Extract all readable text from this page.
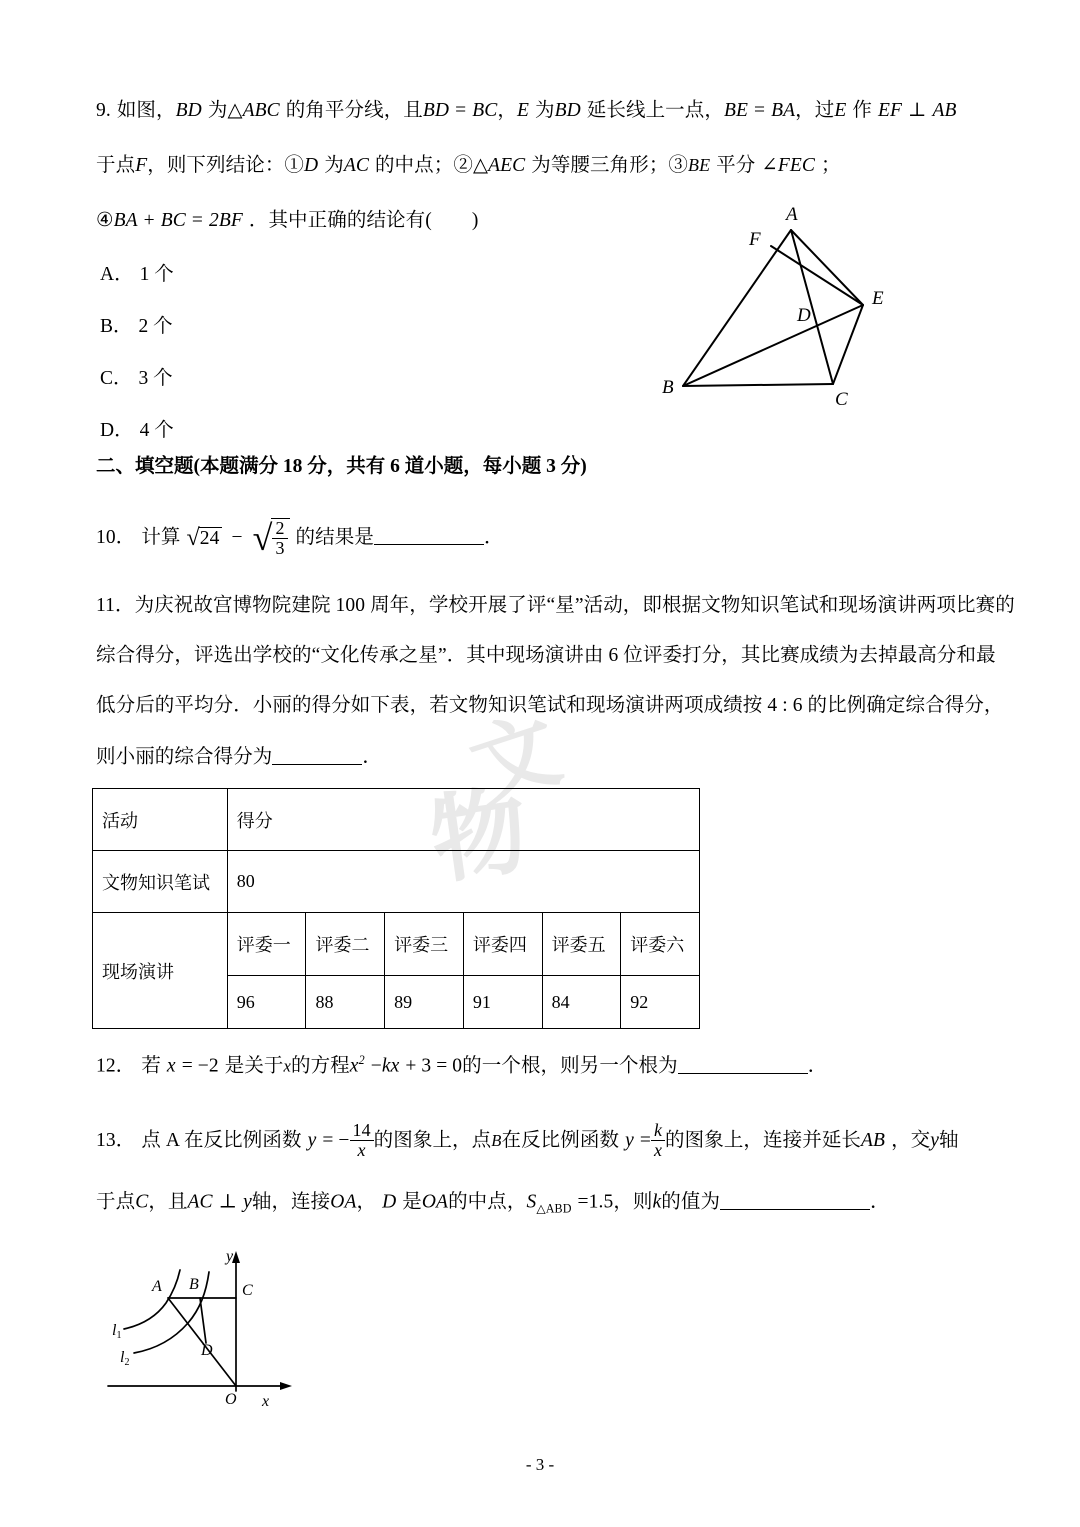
文
物
9. 如图，BD 为△ABC 的角平分线，且BD = BC，E 为BD 延长线上一点，BE = BA，过E 作 EF ⊥ AB
于点F，则下列结论：①D 为AC 的中点；②△AEC 为等腰三角形；③BE 平分 ∠FEC ；
④BA + BC = 2BF ．其中正确的结论有( )
A． 1 个
B． 2 个
C． 3 个
D． 4 个
A
F
E
D
B
C
二、填空题(本题满分 18 分，共有 6 道小题，每小题 3 分)
10． 计算 √24 − √ $\frac{2}{3}$ 的结果是	．
11．为庆祝故宫博物院建院 100 周年，学校开展了评“星”活动，即根据文物知识笔试和现场演讲两项比赛的
综合得分，评选出学校的“文化传承之星”．其中现场演讲由 6 位评委打分，其比赛成绩为去掉最高分和最
低分后的平均分．小丽的得分如下表，若文物知识笔试和现场演讲两项成绩按 4 : 6 的比例确定综合得分，
则小丽的综合得分为	．
活动	得分					
文物知识笔试	80					
现场演讲	评委一	评委二	评委三	评委四	评委五	评委六
	96	88	89	91	84	92
12． 若 x = −2 是关于x的方程$x^2 -kx + 3 = 0$的一个根，则另一个根为	．
13． 点 A 在反比例函数 y = − $\frac{14}{x}$ 的图象上，点B在反比例函数 $y = \frac{k}{x}$ 的图象上，连接并延长AB ，交y轴
于点C，且AC ⊥ y轴，连接OA， D 是OA的中点，$S_{\triangle ABD} =1.5$，则k的值为	．
y
A B	C
D
O x
l1
l2
- 3 -
